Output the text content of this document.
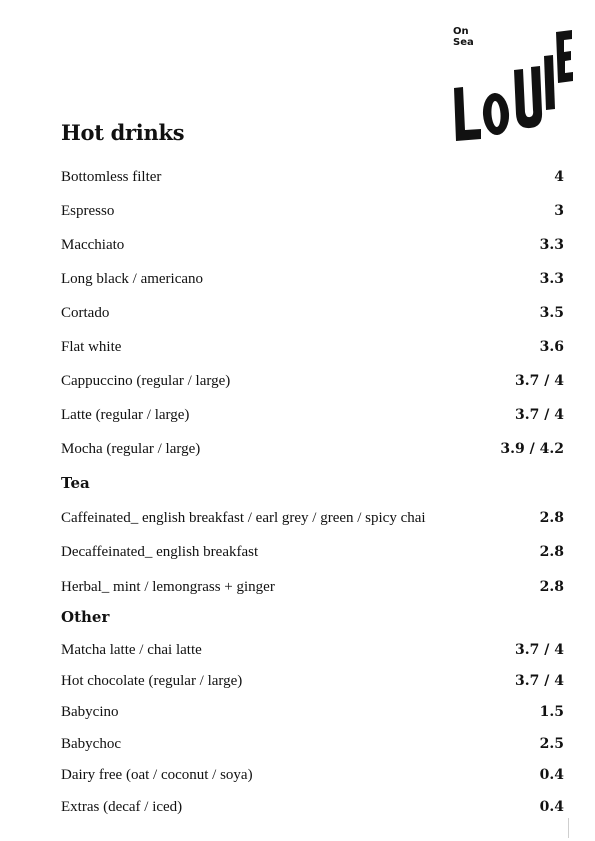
On
Sea
Hot drinks
Bottomless filter	4
Espresso	3
Macchiato	3.3
Long black / americano	3.3
Cortado	3.5
Flat white	3.6
Cappuccino (regular / large)	3.7 / 4
Latte (regular / large)	3.7 / 4
Mocha (regular / large)	3.9 / 4.2
Tea
Caffeinated_ english breakfast / earl grey / green / spicy chai	2.8
Decaffeinated_ english breakfast	2.8
Herbal_ mint / lemongrass + ginger	2.8
Other
Matcha latte / chai latte	3.7 / 4
Hot chocolate (regular / large)	3.7 / 4
Babycino	1.5
Babychoc	2.5
Dairy free (oat / coconut / soya)	0.4
Extras (decaf / iced)	0.4
